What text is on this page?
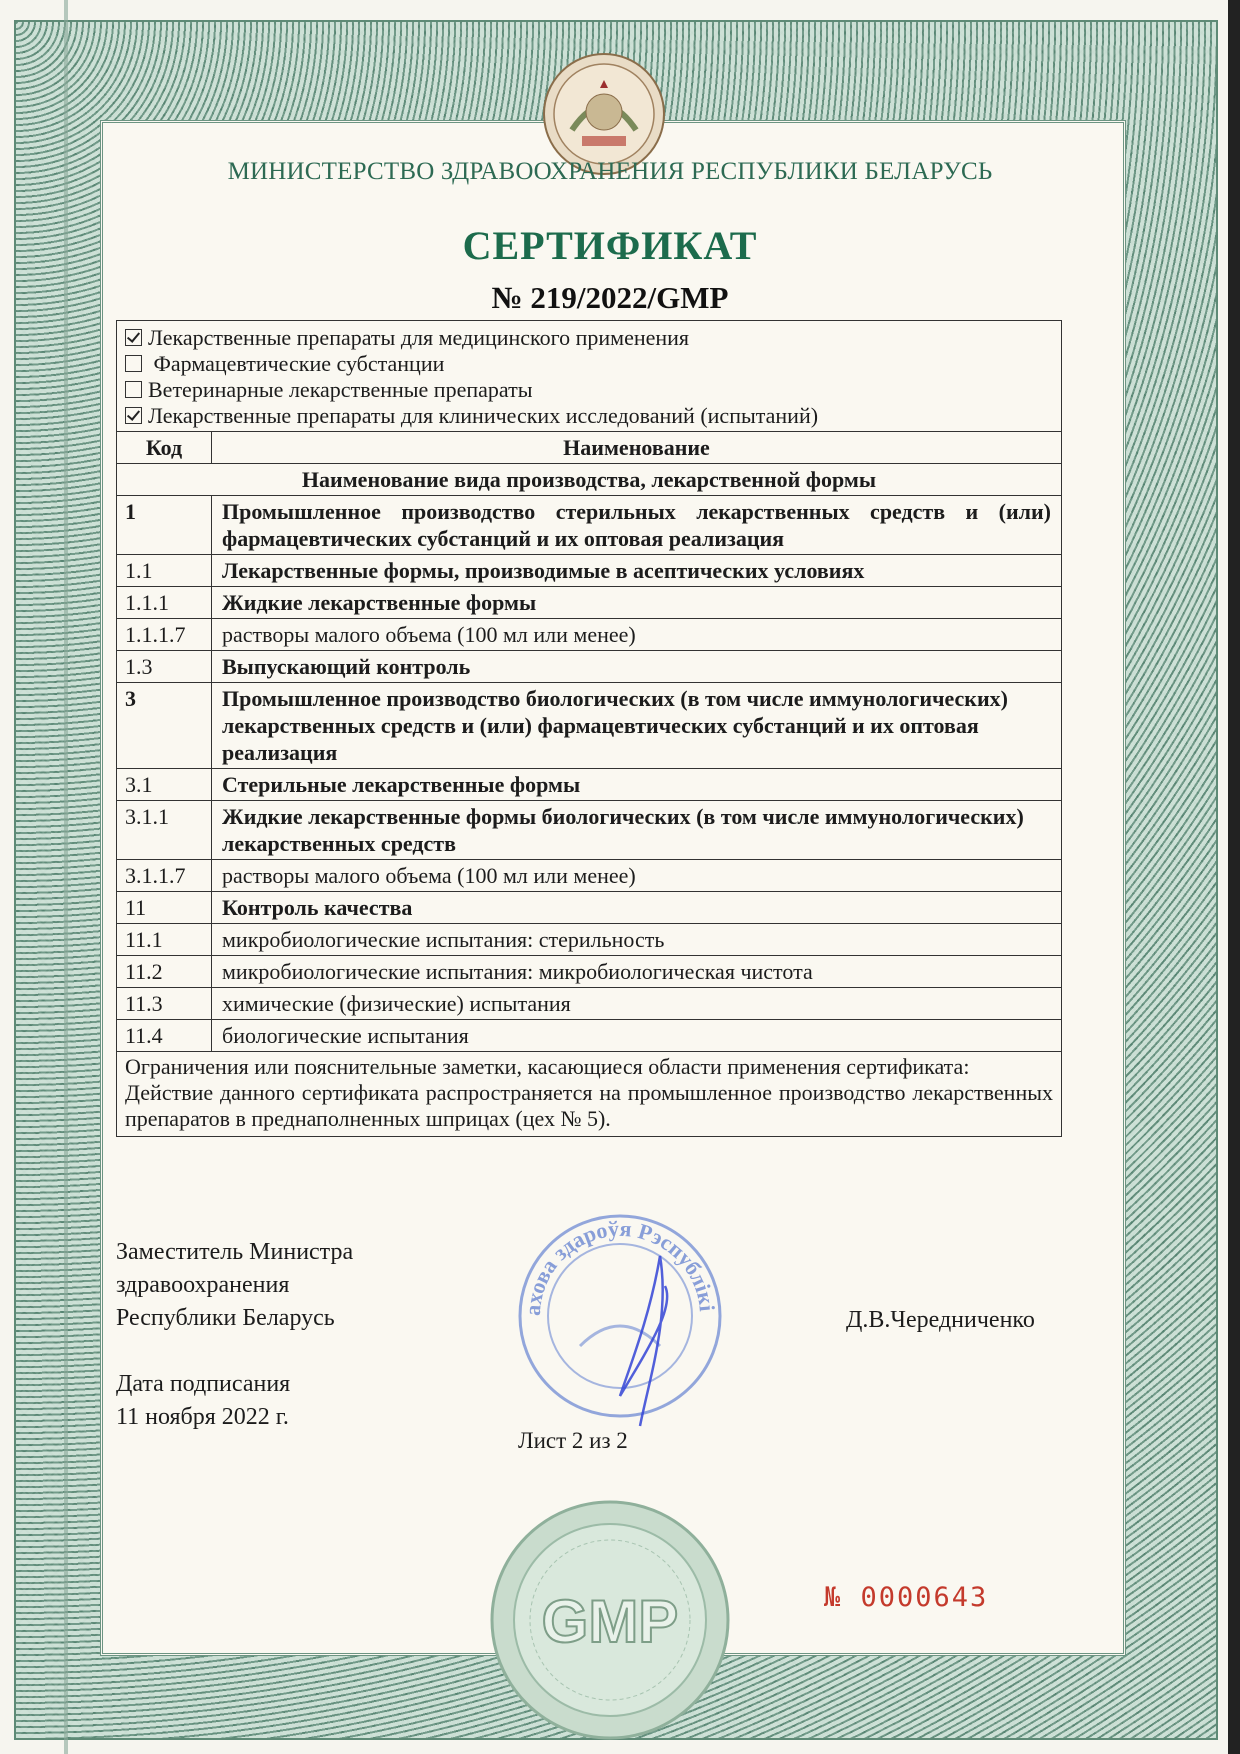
МИНИСТЕРСТВО ЗДРАВООХРАНЕНИЯ РЕСПУБЛИКИ БЕЛАРУСЬ
СЕРТИФИКАТ
№ 219/2022/GMP
Лекарственные препараты для медицинского применения
Фармацевтические субстанции
Ветеринарные лекарственные препараты
Лекарственные препараты для клинических исследований (испытаний)
Код	Наименование
Наименование вида производства, лекарственной формы	
1	Промышленное производство стерильных лекарственных средств и (или) фармацевтических субстанций и их оптовая реализация
1.1	Лекарственные формы, производимые в асептических условиях
1.1.1	Жидкие лекарственные формы
1.1.1.7	растворы малого объема (100 мл или менее)
1.3	Выпускающий контроль
3	Промышленное производство биологических (в том числе иммунологических) лекарственных средств и (или) фармацевтических субстанций и их оптовая реализация
3.1	Стерильные лекарственные формы
3.1.1	Жидкие лекарственные формы биологических (в том числе иммунологических) лекарственных средств
3.1.1.7	растворы малого объема (100 мл или менее)
11	Контроль качества
11.1	микробиологические испытания: стерильность
11.2	микробиологические испытания: микробиологическая чистота
11.3	химические (физические) испытания
11.4	биологические испытания
Ограничения или пояснительные заметки, касающиеся области применения сертификата:
Действие данного сертификата распространяется на промышленное производство лекарственных препаратов в преднаполненных шприцах (цех № 5).
Заместитель Министра
здравоохранения
Республики Беларусь
Дата подписания
11 ноября 2022 г.
Д.В.Чередниченко
ахова здароўя Рэспублікі
Лист 2 из 2
GMP	№ 0000643
